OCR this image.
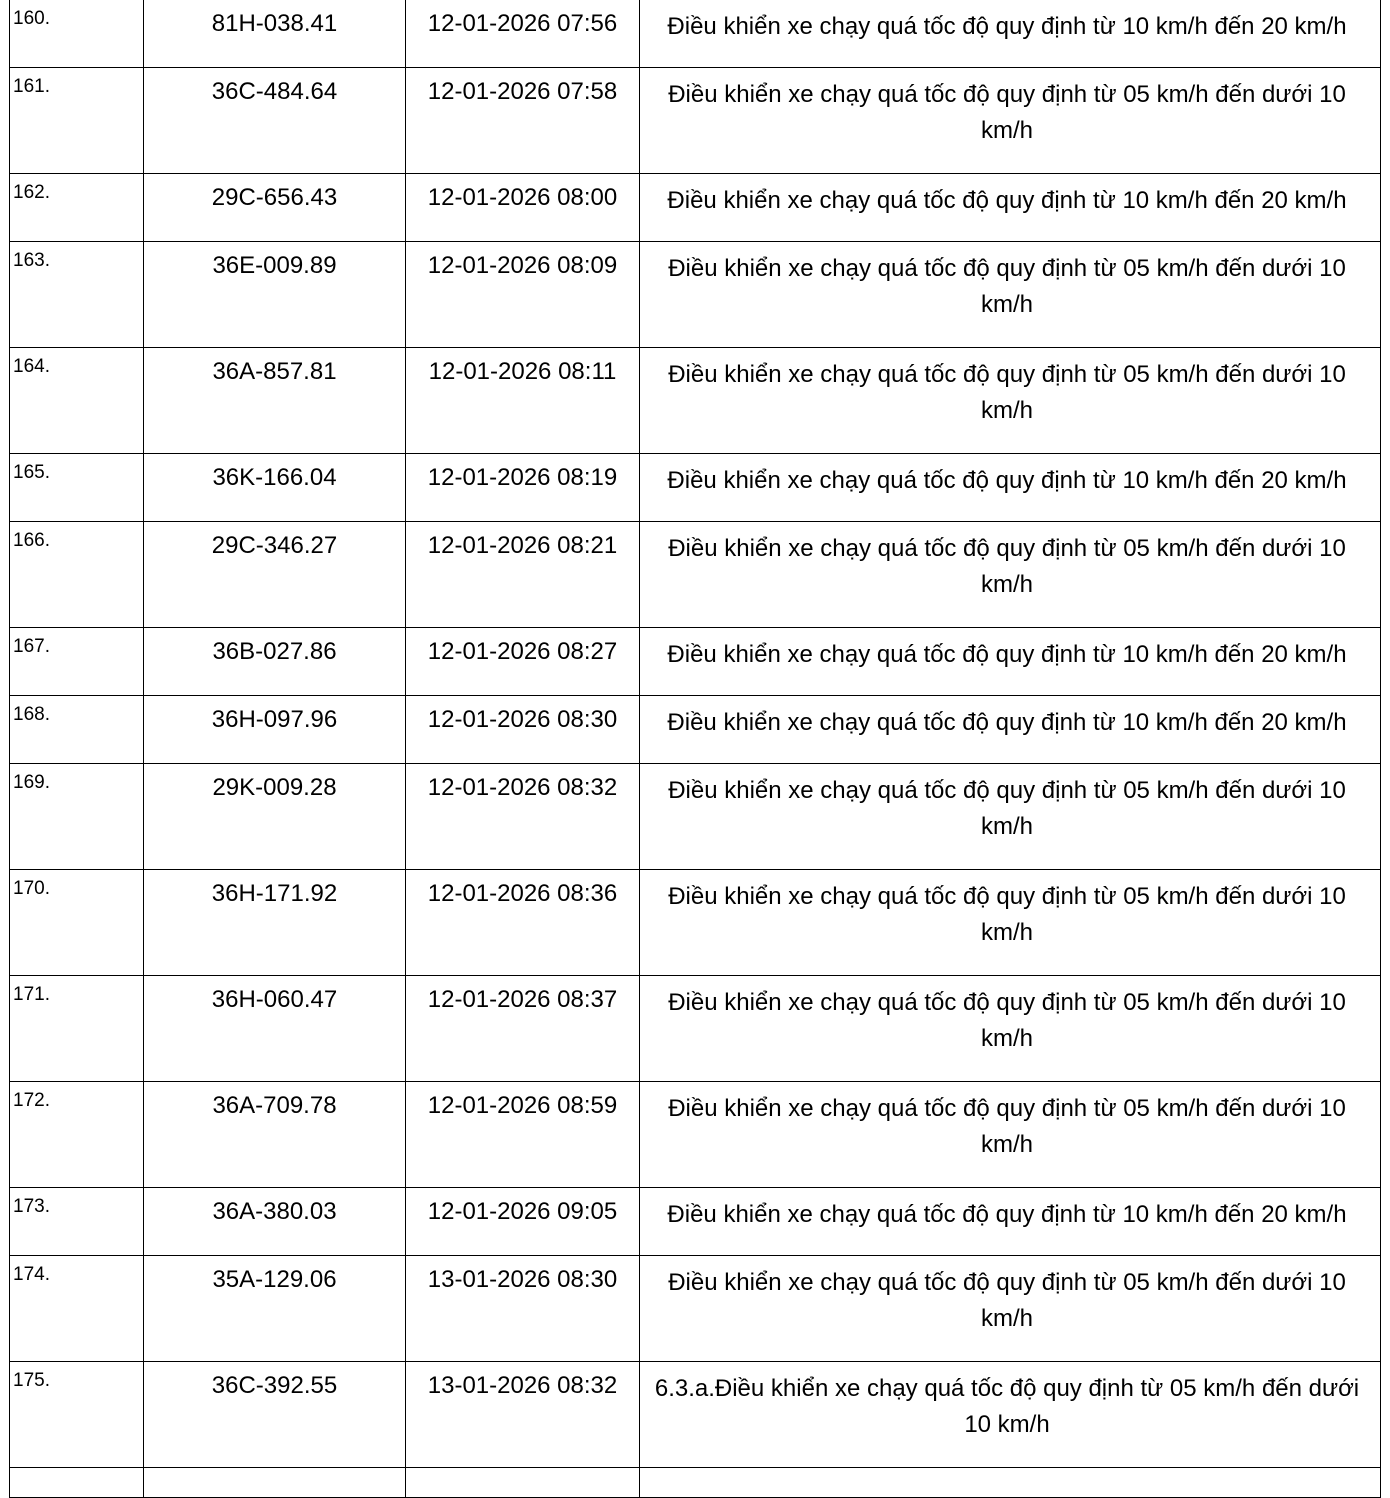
160.	81H-038.41	12-01-2026 07:56	Điều khiển xe chạy quá tốc độ quy định từ 10 km/h đến 20 km/h
161.	36C-484.64	12-01-2026 07:58	Điều khiển xe chạy quá tốc độ quy định từ 05 km/h đến dưới 10 km/h
162.	29C-656.43	12-01-2026 08:00	Điều khiển xe chạy quá tốc độ quy định từ 10 km/h đến 20 km/h
163.	36E-009.89	12-01-2026 08:09	Điều khiển xe chạy quá tốc độ quy định từ 05 km/h đến dưới 10 km/h
164.	36A-857.81	12-01-2026 08:11	Điều khiển xe chạy quá tốc độ quy định từ 05 km/h đến dưới 10 km/h
165.	36K-166.04	12-01-2026 08:19	Điều khiển xe chạy quá tốc độ quy định từ 10 km/h đến 20 km/h
166.	29C-346.27	12-01-2026 08:21	Điều khiển xe chạy quá tốc độ quy định từ 05 km/h đến dưới 10 km/h
167.	36B-027.86	12-01-2026 08:27	Điều khiển xe chạy quá tốc độ quy định từ 10 km/h đến 20 km/h
168.	36H-097.96	12-01-2026 08:30	Điều khiển xe chạy quá tốc độ quy định từ 10 km/h đến 20 km/h
169.	29K-009.28	12-01-2026 08:32	Điều khiển xe chạy quá tốc độ quy định từ 05 km/h đến dưới 10 km/h
170.	36H-171.92	12-01-2026 08:36	Điều khiển xe chạy quá tốc độ quy định từ 05 km/h đến dưới 10 km/h
171.	36H-060.47	12-01-2026 08:37	Điều khiển xe chạy quá tốc độ quy định từ 05 km/h đến dưới 10 km/h
172.	36A-709.78	12-01-2026 08:59	Điều khiển xe chạy quá tốc độ quy định từ 05 km/h đến dưới 10 km/h
173.	36A-380.03	12-01-2026 09:05	Điều khiển xe chạy quá tốc độ quy định từ 10 km/h đến 20 km/h
174.	35A-129.06	13-01-2026 08:30	Điều khiển xe chạy quá tốc độ quy định từ 05 km/h đến dưới 10 km/h
175.	36C-392.55	13-01-2026 08:32	6.3.a.Điều khiển xe chạy quá tốc độ quy định từ 05 km/h đến dưới 10 km/h
